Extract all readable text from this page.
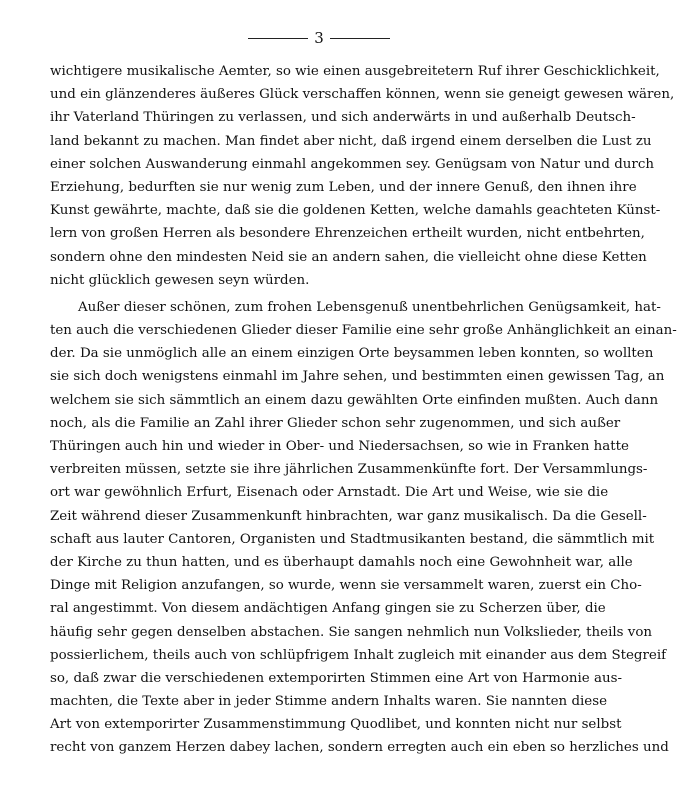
3
wichtigere musikalische Aemter, so wie einen ausgebreitetern Ruf ihrer Geschicklichkeit,
und ein glänzenderes äußeres Glück verschaffen können, wenn sie geneigt gewesen wären,
ihr Vaterland Thüringen zu verlassen, und sich anderwärts in und außerhalb Deutsch-
land bekannt zu machen. Man findet aber nicht, daß irgend einem derselben die Lust zu
einer solchen Auswanderung einmahl angekommen sey. Genügsam von Natur und durch
Erziehung, bedurften sie nur wenig zum Leben, und der innere Genuß, den ihnen ihre
Kunst gewährte, machte, daß sie die goldenen Ketten, welche damahls geachteten Künst-
lern von großen Herren als besondere Ehrenzeichen ertheilt wurden, nicht entbehrten,
sondern ohne den mindesten Neid sie an andern sahen, die vielleicht ohne diese Ketten
nicht glücklich gewesen seyn würden.
Außer dieser schönen, zum frohen Lebensgenuß unentbehrlichen Genügsamkeit, hat-
ten auch die verschiedenen Glieder dieser Familie eine sehr große Anhänglichkeit an einan-
der. Da sie unmöglich alle an einem einzigen Orte beysammen leben konnten, so wollten
sie sich doch wenigstens einmahl im Jahre sehen, und bestimmten einen gewissen Tag, an
welchem sie sich sämmtlich an einem dazu gewählten Orte einfinden mußten. Auch dann
noch, als die Familie an Zahl ihrer Glieder schon sehr zugenommen, und sich außer
Thüringen auch hin und wieder in Ober- und Niedersachsen, so wie in Franken hatte
verbreiten müssen, setzte sie ihre jährlichen Zusammenkünfte fort. Der Versammlungs-
ort war gewöhnlich Erfurt, Eisenach oder Arnstadt. Die Art und Weise, wie sie die
Zeit während dieser Zusammenkunft hinbrachten, war ganz musikalisch. Da die Gesell-
schaft aus lauter Cantoren, Organisten und Stadtmusikanten bestand, die sämmtlich mit
der Kirche zu thun hatten, und es überhaupt damahls noch eine Gewohnheit war, alle
Dinge mit Religion anzufangen, so wurde, wenn sie versammelt waren, zuerst ein Cho-
ral angestimmt. Von diesem andächtigen Anfang gingen sie zu Scherzen über, die
häufig sehr gegen denselben abstachen. Sie sangen nehmlich nun Volkslieder, theils von
possierlichem, theils auch von schlüpfrigem Inhalt zugleich mit einander aus dem Stegreif
so, daß zwar die verschiedenen extemporirten Stimmen eine Art von Harmonie aus-
machten, die Texte aber in jeder Stimme andern Inhalts waren. Sie nannten diese
Art von extemporirter Zusammenstimmung Quodlibet, und konnten nicht nur selbst
recht von ganzem Herzen dabey lachen, sondern erregten auch ein eben so herzliches und
